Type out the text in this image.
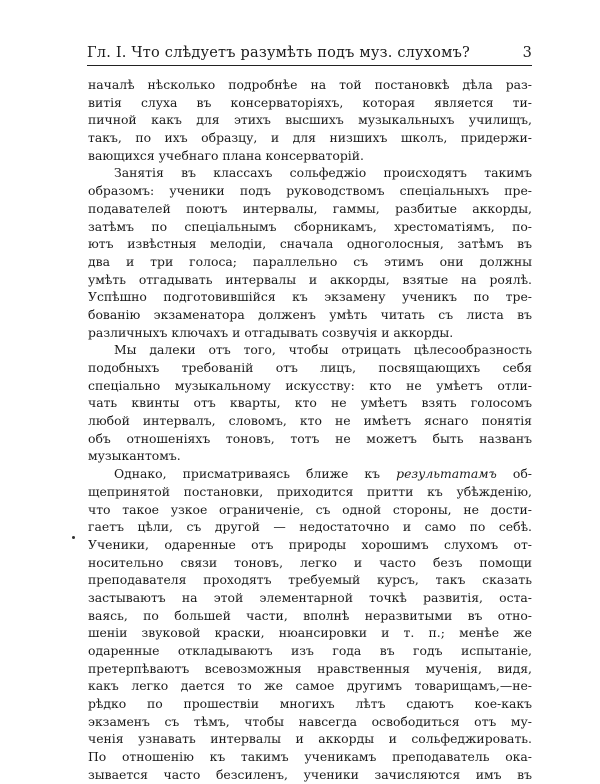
Гл. I. Что слѣдуетъ разумѣть подъ муз. слухомъ?	3
началѣ нѣсколько подробнѣе на той постановкѣ дѣла раз-
витія слуха въ консерваторіяхъ, которая является ти-
пичной какъ для этихъ высшихъ музыкальныхъ училищъ,
такъ, по ихъ образцу, и для низшихъ школъ, придержи-
вающихся учебнаго плана консерваторій.
Занятія въ классахъ сольфеджіо происходятъ такимъ
образомъ: ученики подъ руководствомъ спеціальныхъ пре-
подавателей поютъ интервалы, гаммы, разбитые аккорды,
затѣмъ по спеціальнымъ сборникамъ, хрестоматіямъ, по-
ютъ извѣстныя мелодіи, сначала одноголосныя, затѣмъ въ
два и три голоса; параллельно съ этимъ они должны
умѣть отгадывать интервалы и аккорды, взятые на роялѣ.
Успѣшно подготовившійся къ экзамену ученикъ по тре-
бованію экзаменатора долженъ умѣть читать съ листа въ
различныхъ ключахъ и отгадывать созвучія и аккорды.
Мы далеки отъ того, чтобы отрицать цѣлесообразность
подобныхъ требованій отъ лицъ, посвящающихъ себя
спеціально музыкальному искусству: кто не умѣетъ отли-
чать квинты отъ кварты, кто не умѣетъ взять голосомъ
любой интервалъ, словомъ, кто не имѣетъ яснаго понятія
объ отношеніяхъ тоновъ, тотъ не можетъ быть названъ
музыкантомъ.
Однако, присматриваясь ближе къ результатамъ об-
щепринятой постановки, приходится притти къ убѣжденію,
что такое узкое ограниченіе, съ одной стороны, не дости-
гаетъ цѣли, съ другой — недостаточно и само по себѣ.
Ученики, одаренные отъ природы хорошимъ слухомъ от-
носительно связи тоновъ, легко и часто безъ помощи
преподавателя проходятъ требуемый курсъ, такъ сказать
застываютъ на этой элементарной точкѣ развитія, оста-
ваясь, по большей части, вполнѣ неразвитыми въ отно-
шеніи звуковой краски, нюансировки и т. п.; менѣе же
одаренные откладываютъ изъ года въ годъ испытаніе,
претерпѣваютъ всевозможныя нравственныя мученія, видя,
какъ легко дается то же самое другимъ товарищамъ,—не-
рѣдко по прошествіи многихъ лѣтъ сдаютъ кое-какъ
экзаменъ съ тѣмъ, чтобы навсегда освободиться отъ му-
ченія узнавать интервалы и аккорды и сольфеджировать.
По отношенію къ такимъ ученикамъ преподаватель ока-
зывается часто безсиленъ, ученики зачисляются имъ въ
